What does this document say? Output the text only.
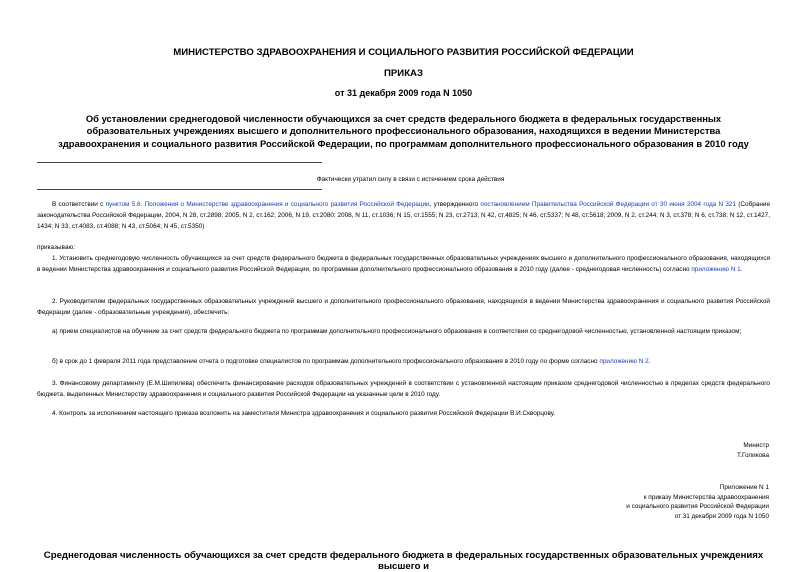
МИНИСТЕРСТВО ЗДРАВООХРАНЕНИЯ И СОЦИАЛЬНОГО РАЗВИТИЯ РОССИЙСКОЙ ФЕДЕРАЦИИ
ПРИКАЗ
от 31 декабря 2009 года N 1050
Об установлении среднегодовой численности обучающихся за счет средств федерального бюджета в федеральных государственных образовательных учреждениях высшего и дополнительного профессионального образования, находящихся в ведении Министерства здравоохранения и социального развития Российской Федерации, по программам дополнительного профессионального образования в 2010 году
Фактически утратил силу в связи с истечением срока действия
В соответствии с пунктом 5.6. Положения о Министерстве здравоохранения и социального развития Российской Федерации, утвержденного постановлением Правительства Российской Федерации от 30 июня 2004 года N 321 (Собрание законодательства Российской Федерации, 2004, N 28, ст.2898; 2005, N 2, ст.162; 2006, N 19, ст.2080; 2008, N 11, ст.1036; N 15, ст.1555; N 23, ст.2713; N 42, ст.4825; N 46, ст.5337; N 48, ст.5618; 2009, N 2, ст.244; N 3, ст.378; N 6, ст.738; N 12, ст.1427, 1434; N 33, ст.4083, ст.4088; N 43, ст.5064; N 45, ст.5350)
приказываю:
1. Установить среднегодовую численность обучающихся за счет средств федерального бюджета в федеральных государственных образовательных учреждениях высшего и дополнительного профессионального образования, находящихся в ведении Министерства здравоохранения и социального развития Российской Федерации, по программам дополнительного профессионального образования в 2010 году (далее - среднегодовая численность) согласно приложению N 1.
2. Руководителям федеральных государственных образовательных учреждений высшего и дополнительного профессионального образования, находящихся в ведении Министерства здравоохранения и социального развития Российской Федерации (далее - образовательные учреждения), обеспечить:
а) прием специалистов на обучение за счет средств федерального бюджета по программам дополнительного профессионального образования в соответствии со среднегодовой численностью, установленной настоящим приказом;
б) в срок до 1 февраля 2011 года представление отчета о подготовке специалистов по программам дополнительного профессионального образования в 2010 году по форме согласно приложению N 2.
3. Финансовому департаменту (Е.М.Шипилева) обеспечить финансирование расходов образовательных учреждений в соответствии с установленной настоящим приказом среднегодовой численностью в пределах средств федерального бюджета, выделенных Министерству здравоохранения и социального развития Российской Федерации на указанные цели в 2010 году.
4. Контроль за исполнением настоящего приказа возложить на заместителя Министра здравоохранения и социального развития Российской Федерации В.И.Скворцову.
Министр
Т.Голикова
Приложение N 1
к приказу Министерства здравоохранения
и социального развития Российской Федерации
от 31 декабря 2009 года N 1050
Среднегодовая численность обучающихся за счет средств федерального бюджета в федеральных государственных образовательных учреждениях высшего и
